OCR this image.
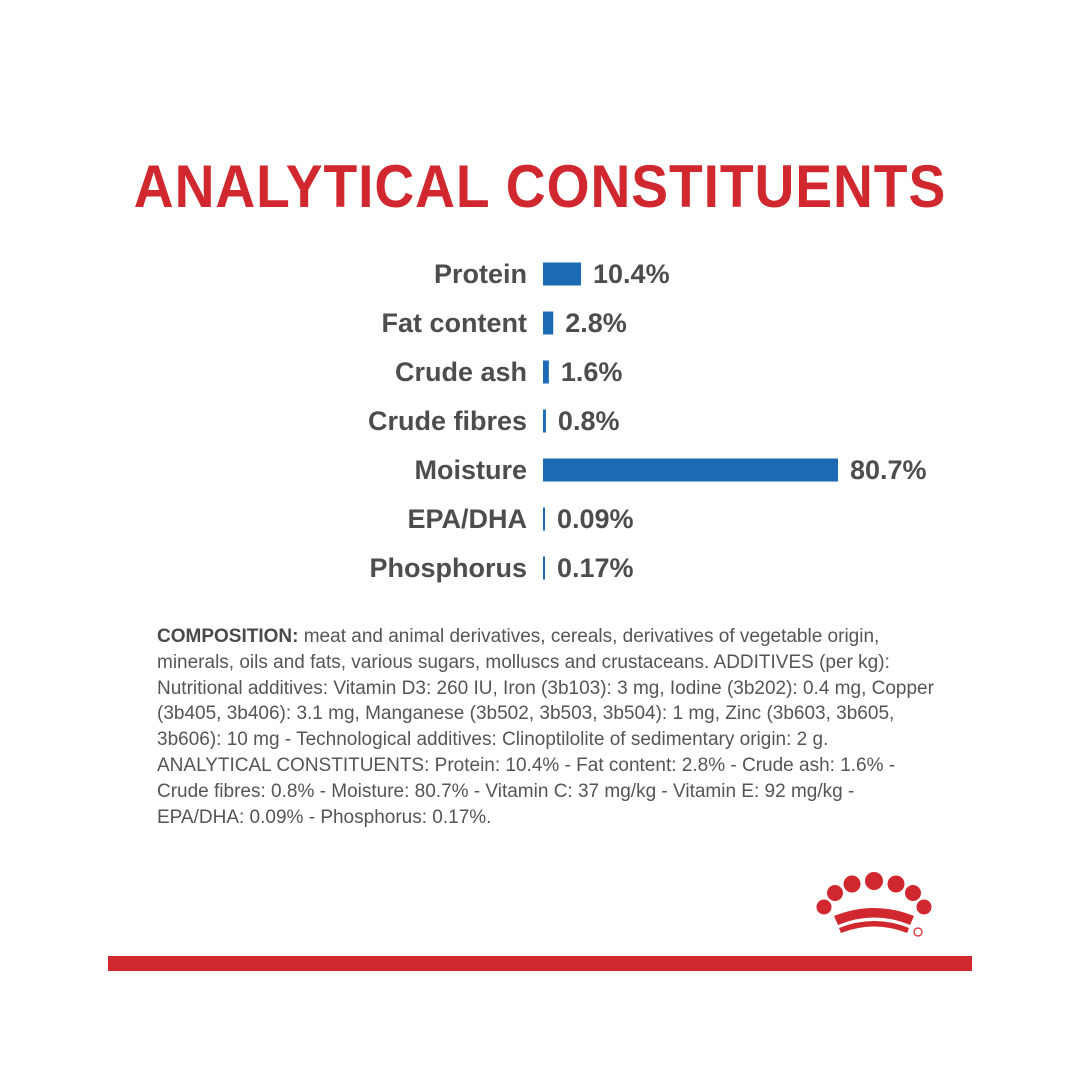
ANALYTICAL CONSTITUENTS
Protein 10.4%
Fat content 2.8%
Crude ash 1.6%
Crude fibres 0.8%
Moisture	80.7%
EPA/DHA 0.09%
Phosphorus 0.17%

COMPOSITION: meat and animal derivatives, cereals, derivatives of vegetable origin, minerals, oils and fats, various sugars, molluscs and crustaceans. ADDITIVES (per kg): Nutritional additives: Vitamin D3: 260 IU, Iron (3b103): 3 mg, Iodine (3b202): 0.4 mg, Copper (3b405, 3b406): 3.1 mg, Manganese (3b502, 3b503, 3b504): 1 mg, Zinc (3b603, 3b605, 3b606): 10 mg - Technological additives: Clinoptilolite of sedimentary origin: 2 g. ANALYTICAL CONSTITUENTS: Protein: 10.4% - Fat content: 2.8% - Crude ash: 1.6% - Crude fibres: 0.8% - Moisture: 80.7% - Vitamin C: 37 mg/kg - Vitamin E: 92 mg/kg - EPA/DHA: 0.09% - Phosphorus: 0.17%.
